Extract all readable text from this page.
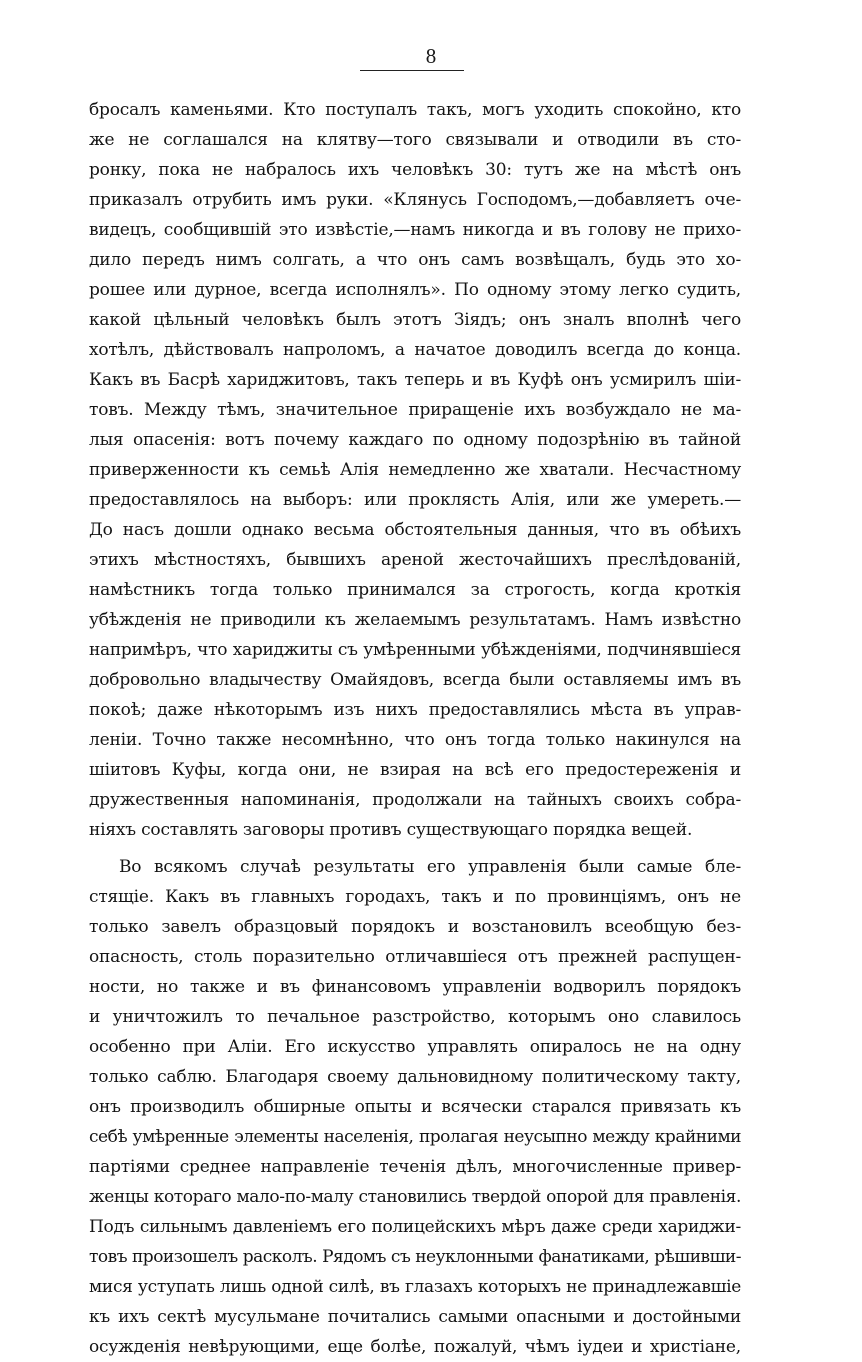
8
бросалъ каменьями. Кто поступалъ такъ, могъ уходить спокойно, кто
же не соглашался на клятву—того связывали и отводили въ сто-
ронку, пока не набралось ихъ человѣкъ 30: тутъ же на мѣстѣ онъ
приказалъ отрубить имъ руки. «Клянусь Господомъ,—добавляетъ оче-
видецъ, сообщившій это извѣстіе,—намъ никогда и въ голову не прихо-
дило передъ нимъ солгать, а что онъ самъ возвѣщалъ, будь это хо-
рошее или дурное, всегда исполнялъ». По одному этому легко судить,
какой цѣльный человѣкъ былъ этотъ Зіядъ; онъ зналъ вполнѣ чего
хотѣлъ, дѣйствовалъ напроломъ, а начатое доводилъ всегда до конца.
Какъ въ Басрѣ хариджитовъ, такъ теперь и въ Куфѣ онъ усмирилъ шіи-
товъ. Между тѣмъ, значительное приращеніе ихъ возбуждало не ма-
лыя опасенія: вотъ почему каждаго по одному подозрѣнію въ тайной
приверженности къ семьѣ Алія немедленно же хватали. Несчастному
предоставлялось на выборъ: или проклясть Алія, или же умереть.—
До насъ дошли однако весьма обстоятельныя данныя, что въ обѣихъ
этихъ мѣстностяхъ, бывшихъ ареной жесточайшихъ преслѣдованій,
намѣстникъ тогда только принимался за строгость, когда кроткія
убѣжденія не приводили къ желаемымъ результатамъ. Намъ извѣстно
напримѣръ, что хариджиты съ умѣренными убѣжденіями, подчинявшіеся
добровольно владычеству Омайядовъ, всегда были оставляемы имъ въ
покоѣ; даже нѣкоторымъ изъ нихъ предоставлялись мѣста въ управ-
леніи. Точно также несомнѣнно, что онъ тогда только накинулся на
шіитовъ Куфы, когда они, не взирая на всѣ его предостереженія и
дружественныя напоминанія, продолжали на тайныхъ своихъ собра-
ніяхъ составлять заговоры противъ существующаго порядка вещей.
Во всякомъ случаѣ результаты его управленія были самые бле-
стящіе. Какъ въ главныхъ городахъ, такъ и по провинціямъ, онъ не
только завелъ образцовый порядокъ и возстановилъ всеобщую без-
опасность, столь поразительно отличавшіеся отъ прежней распущен-
ности, но также и въ финансовомъ управленіи водворилъ порядокъ
и уничтожилъ то печальное разстройство, которымъ оно славилось
особенно при Аліи. Его искусство управлять опиралось не на одну
только саблю. Благодаря своему дальновидному политическому такту,
онъ производилъ обширные опыты и всячески старался привязать къ
себѣ умѣренные элементы населенія, пролагая неусыпно между крайними
партіями среднее направленіе теченія дѣлъ, многочисленные привер-
женцы котораго мало-по-малу становились твердой опорой для правленія.
Подъ сильнымъ давленіемъ его полицейскихъ мѣръ даже среди хариджи-
товъ произошелъ расколъ. Рядомъ съ неуклонными фанатиками, рѣшивши-
мися уступать лишь одной силѣ, въ глазахъ которыхъ не принадлежавшіе
къ ихъ сектѣ мусульмане почитались самыми опасными и достойными
осужденія невѣрующими, еще болѣе, пожалуй, чѣмъ іудеи и христіане,
